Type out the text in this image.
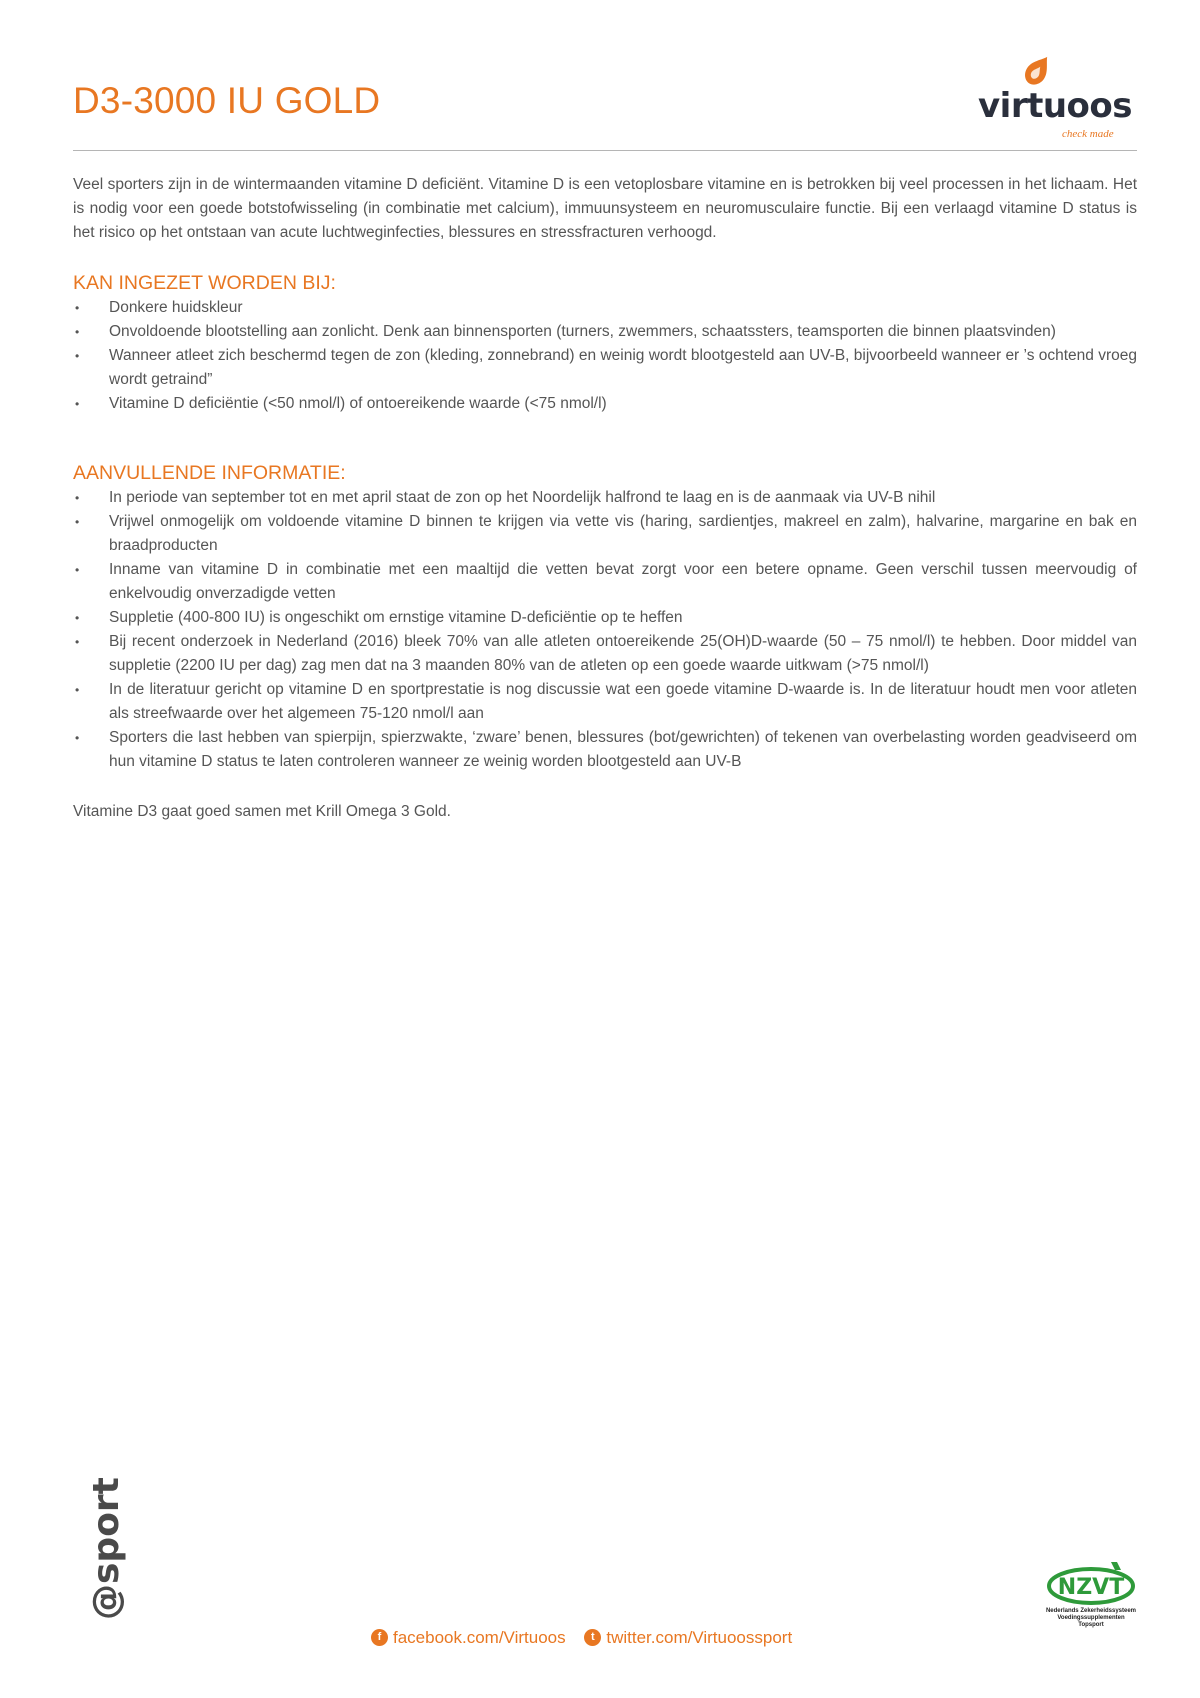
D3-3000 IU GOLD	virtuoos
check made

Veel sporters zijn in de wintermaanden vitamine D deficiënt. Vitamine D is een vetoplosbare vitamine en is betrokken bij veel processen in het lichaam. Het is nodig voor een goede botstofwisseling (in combinatie met calcium), immuunsysteem en neuromusculaire functie. Bij een verlaagd vitamine D status is het risico op het ontstaan van acute luchtweginfecties, blessures en stressfracturen verhoogd.

KAN INGEZET WORDEN BIJ:
• Donkere huidskleur
• Onvoldoende blootstelling aan zonlicht. Denk aan binnensporten (turners, zwemmers, schaatssters, teamsporten die binnen plaatsvinden)
• Wanneer atleet zich beschermd tegen de zon (kleding, zonnebrand) en weinig wordt blootgesteld aan UV-B, bijvoorbeeld wanneer er ’s ochtend vroeg wordt getraind”
• Vitamine D deficiëntie (<50 nmol/l) of ontoereikende waarde (<75 nmol/l)
AANVULLENDE INFORMATIE:
• In periode van september tot en met april staat de zon op het Noordelijk halfrond te laag en is de aanmaak via UV-B nihil
• Vrijwel onmogelijk om voldoende vitamine D binnen te krijgen via vette vis (haring, sardientjes, makreel en zalm), halvarine, margarine en bak en braadproducten
• Inname van vitamine D in combinatie met een maaltijd die vetten bevat zorgt voor een betere opname. Geen verschil tussen meervoudig of enkelvoudig onverzadigde vetten
• Suppletie (400-800 IU) is ongeschikt om ernstige vitamine D-deficiëntie op te heffen
• Bij recent onderzoek in Nederland (2016) bleek 70% van alle atleten ontoereikende 25(OH)D-waarde (50 – 75 nmol/l) te hebben. Door middel van suppletie (2200 IU per dag) zag men dat na 3 maanden 80% van de atleten op een goede waarde uitkwam (>75 nmol/l)
• In de literatuur gericht op vitamine D en sportprestatie is nog discussie wat een goede vitamine D-waarde is. In de literatuur houdt men voor atleten als streefwaarde over het algemeen 75-120 nmol/l aan
• Sporters die last hebben van spierpijn, spierzwakte, ‘zware’ benen, blessures (bot/gewrichten) of tekenen van overbelasting worden geadviseerd om hun vitamine D status te laten controleren wanneer ze weinig worden blootgesteld aan UV-B

Vitamine D3 gaat goed samen met Krill Omega 3 Gold.

@sport
f facebook.com/Virtuoos
	t twitter.com/Virtuoossport
NZVT
Nederlands Zekerheidssysteem
Voedingssupplementen Topsport
